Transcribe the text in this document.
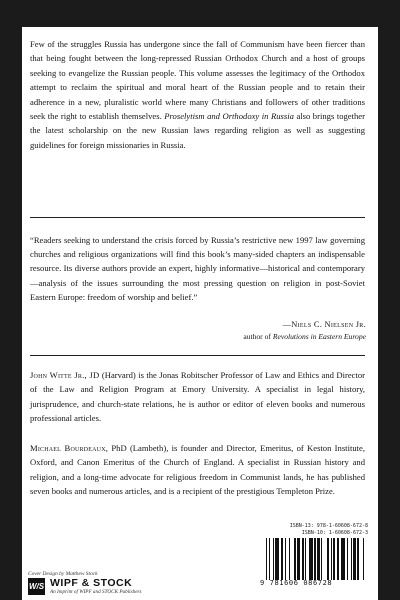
Few of the struggles Russia has undergone since the fall of Communism have been fiercer than that being fought between the long-repressed Russian Orthodox Church and a host of groups seeking to evangelize the Russian people. This volume assesses the legitimacy of the Orthodox attempt to reclaim the spiritual and moral heart of the Russian people and to retain their adherence in a new, pluralistic world where many Christians and followers of other traditions seek the right to establish themselves. Proselytism and Orthodoxy in Russia also brings together the latest scholarship on the new Russian laws regarding religion as well as suggesting guidelines for foreign missionaries in Russia.

“Readers seeking to understand the crisis forced by Russia’s restrictive new 1997 law governing churches and religious organizations will find this book’s many-sided chapters an indispensable resource. Its diverse authors provide an expert, highly informative—historical and contemporary—analysis of the issues surrounding the most pressing question on religion in post-Soviet Eastern Europe: freedom of worship and belief.”

—Niels C. Nielsen Jr.
author of Revolutions in Eastern Europe

John Witte Jr., JD (Harvard) is the Jonas Robitscher Professor of Law and Ethics and Director of the Law and Religion Program at Emory University. A specialist in legal history, jurisprudence, and church-state relations, he is author or editor of eleven books and numerous professional articles.

Michael Bourdeaux, PhD (Lambeth), is founder and Director, Emeritus, of Keston Institute, Oxford, and Canon Emeritus of the Church of England. A specialist in Russian history and religion, and a long-time advocate for religious freedom in Communist lands, he has published seven books and numerous articles, and is a recipient of the prestigious Templeton Prize.

ISBN-13: 978-1-60608-672-8
ISBN-10: 1-60608-672-3
9 781606 086728
Cover Design by Matthew Stock
W/S WIPF & STOCK
An Imprint of WIPF and STOCK Publishers
